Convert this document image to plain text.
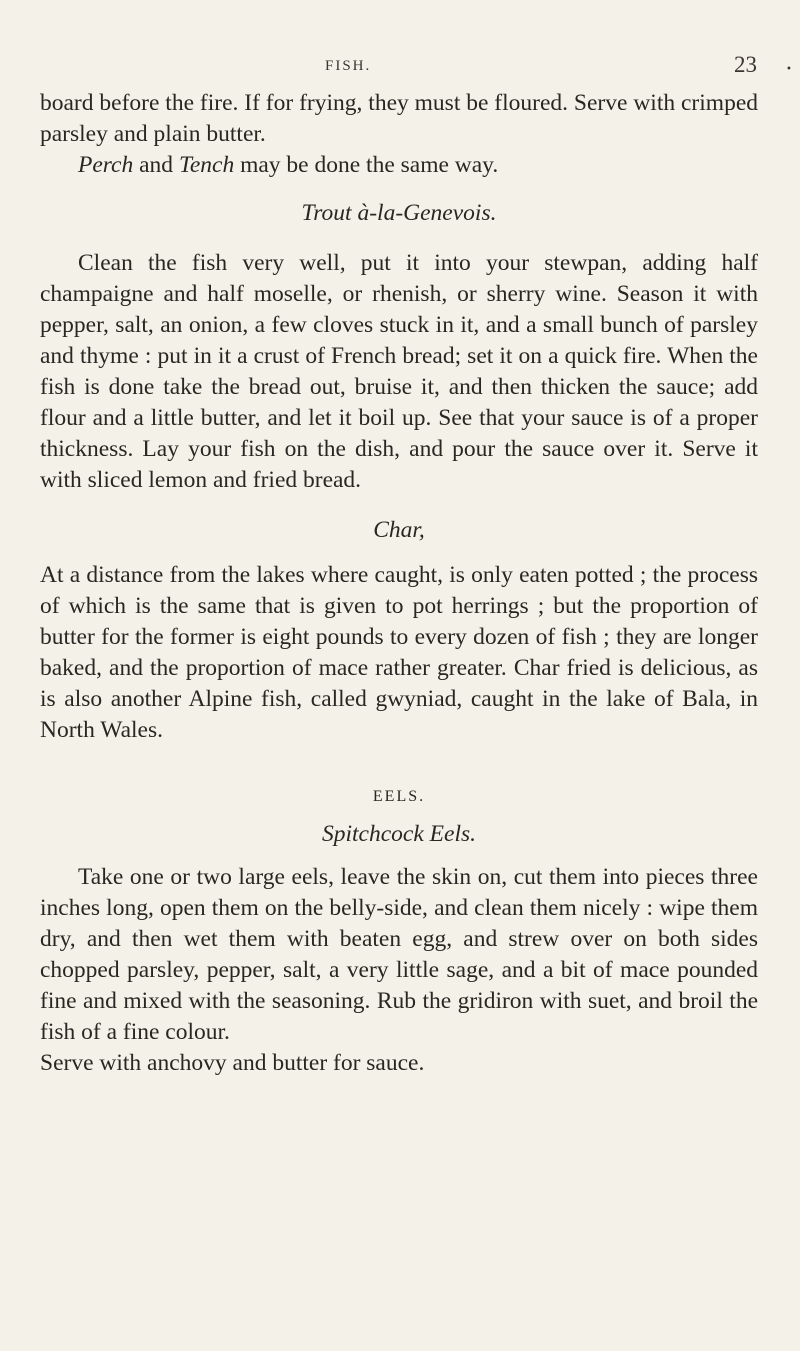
FISH.	23	•

board before the fire. If for frying, they must be floured. Serve with crimped parsley and plain butter.

Perch and Tench may be done the same way.

Trout à-la-Genevois.

Clean the fish very well, put it into your stewpan, adding half champaigne and half moselle, or rhenish, or sherry wine. Season it with pepper, salt, an onion, a few cloves stuck in it, and a small bunch of parsley and thyme : put in it a crust of French bread; set it on a quick fire. When the fish is done take the bread out, bruise it, and then thicken the sauce; add flour and a little butter, and let it boil up. See that your sauce is of a proper thickness. Lay your fish on the dish, and pour the sauce over it. Serve it with sliced lemon and fried bread.

Char,

At a distance from the lakes where caught, is only eaten potted ; the process of which is the same that is given to pot herrings ; but the proportion of butter for the former is eight pounds to every dozen of fish ; they are longer baked, and the proportion of mace rather greater. Char fried is delicious, as is also another Alpine fish, called gwyniad, caught in the lake of Bala, in North Wales.

EELS.
Spitchcock Eels.

Take one or two large eels, leave the skin on, cut them into pieces three inches long, open them on the belly-side, and clean them nicely : wipe them dry, and then wet them with beaten egg, and strew over on both sides chopped parsley, pepper, salt, a very little sage, and a bit of mace pounded fine and mixed with the seasoning. Rub the gridiron with suet, and broil the fish of a fine colour.

Serve with anchovy and butter for sauce.
